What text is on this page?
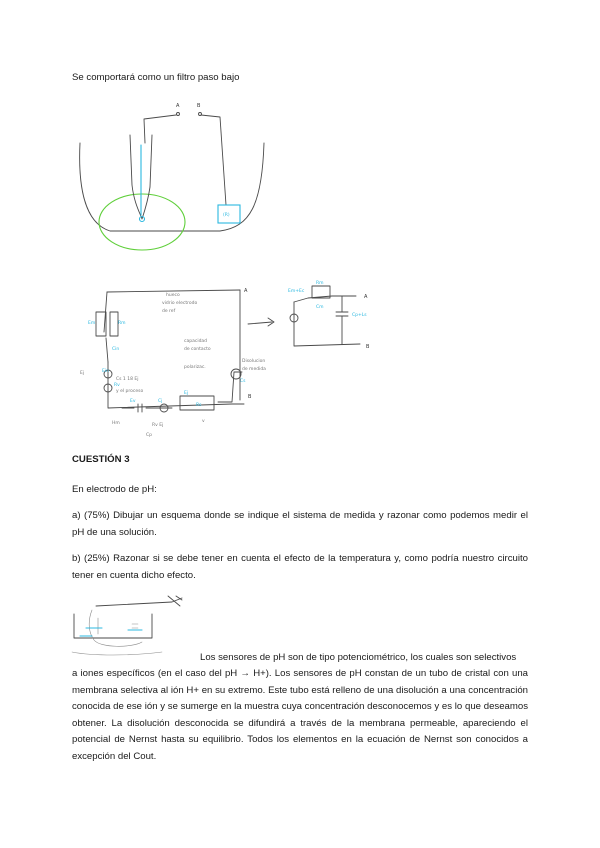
Se comportará como un filtro paso bajo
A	B
(R)
A
Em	Rm
Cin
Ein
Rv
Ev	Cj
Ej
Rs
Cs
B
hueco
vidrio electrodo
de ref
capacidad
de contacto
polarizac.
Ej
Cs 1 18 Ej
y el proceso
Disolucion
de medida
Hm	Rv Ej
v
Cp
Rm
Cm
Em+Ec
Cp+Ls
A
B
CUESTIÓN 3
En electrodo de pH:
a) (75%) Dibujar un esquema donde se indique el sistema de medida y razonar como podemos medir el pH de una solución.
b) (25%) Razonar si se debe tener en cuenta el efecto de la temperatura y, como podría nuestro circuito tener en cuenta dicho efecto.
Los sensores de pH son de tipo potenciométrico, los cuales son selectivos
a iones específicos (en el caso del pH → H+). Los sensores de pH constan de un tubo de cristal con una membrana selectiva al ión H+ en su extremo. Este tubo está relleno de una disolución a una concentración conocida de ese ión y se sumerge en la muestra cuya concentración desconocemos y es lo que deseamos obtener. La disolución desconocida se difundirá a través de la membrana permeable, apareciendo el potencial de Nernst hasta su equilibrio. Todos los elementos en la ecuación de Nernst son conocidos a excepción del Cout.
